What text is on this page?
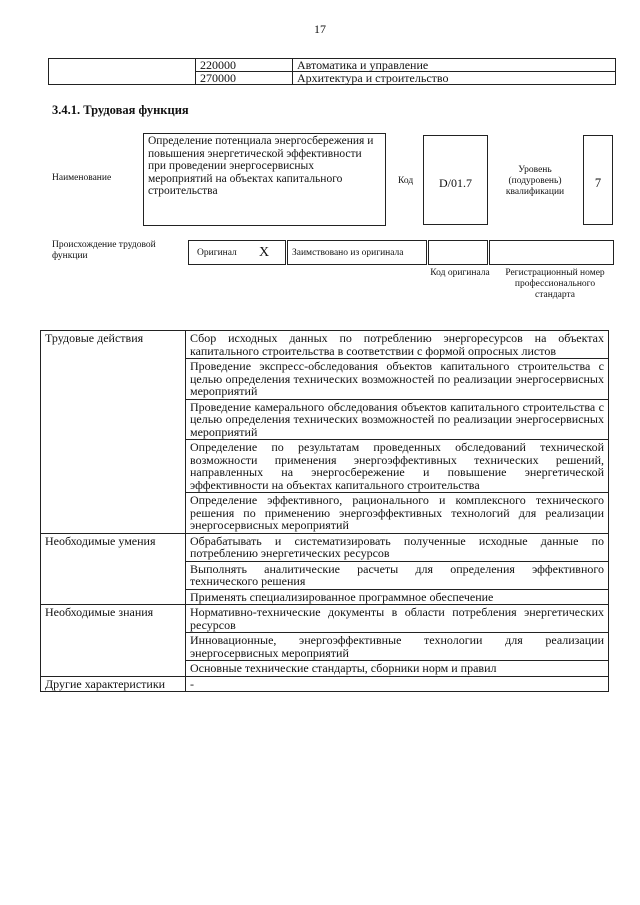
17
	220000	Автоматика и управление
	270000	Архитектура и строительство
3.4.1. Трудовая функция
Наименование
Определение потенциала энергосбережения и повышения энергетической эффективности при проведении энергосервисных мероприятий на объектах капитального строительства
Код	D/01.7
Уровень (подуровень) квалификации
7
Происхождение трудовой функции	Оригинал X	Заимствовано из оригинала
Код оригинала Регистрационный номер профессионального стандарта
Трудовые действия	Сбор исходных данных по потреблению энергоресурсов на объектах капитального строительства в соответствии с формой опросных листов
	Проведение экспресс-обследования объектов капитального строительства с целью определения технических возможностей по реализации энергосервисных мероприятий
	Проведение камерального обследования объектов капитального строительства с целью определения технических возможностей по реализации энергосервисных мероприятий
	Определение по результатам проведенных обследований технической возможности применения энергоэффективных технических решений, направленных на энергосбережение и повышение энергетической эффективности на объектах капитального строительства
	Определение эффективного, рационального и комплексного технического решения по применению энергоэффективных технологий для реализации энергосервисных мероприятий
Необходимые умения	Обрабатывать и систематизировать полученные исходные данные по потреблению энергетических ресурсов
	Выполнять аналитические расчеты для определения эффективного технического решения
	Применять специализированное программное обеспечение
Необходимые знания	Нормативно-технические документы в области потребления энергетических ресурсов
	Инновационные, энергоэффективные технологии для реализации энергосервисных мероприятий
	Основные технические стандарты, сборники норм и правил
Другие характеристики	-
